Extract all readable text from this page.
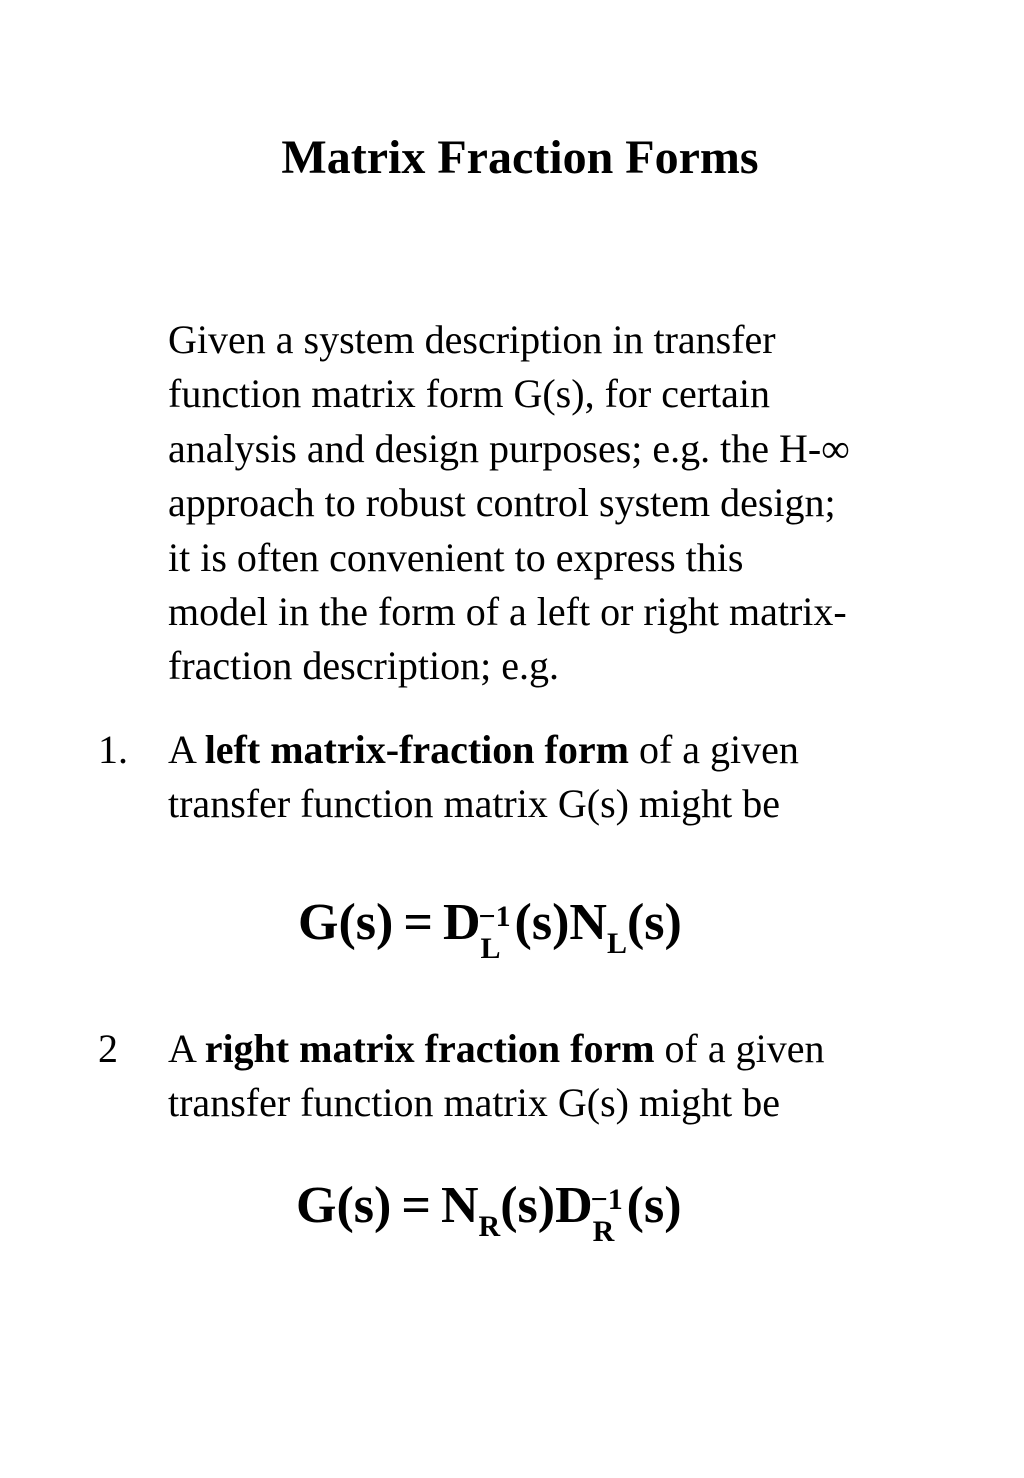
Matrix Fraction Forms
Given a system description in transfer
function matrix form G(s), for certain
analysis and design purposes; e.g. the H-∞
approach to robust control system design;
it is often convenient to express this
model in the form of a left or right matrix-
fraction description; e.g.
1. A left matrix-fraction form of a given
transfer function matrix G(s) might be
G(s) = D
−1
L $(s)N_L(s)$
2 A right matrix fraction form of a given
transfer function matrix G(s) might be
$G(s) = N_R(s)D$
−1
R (s)
